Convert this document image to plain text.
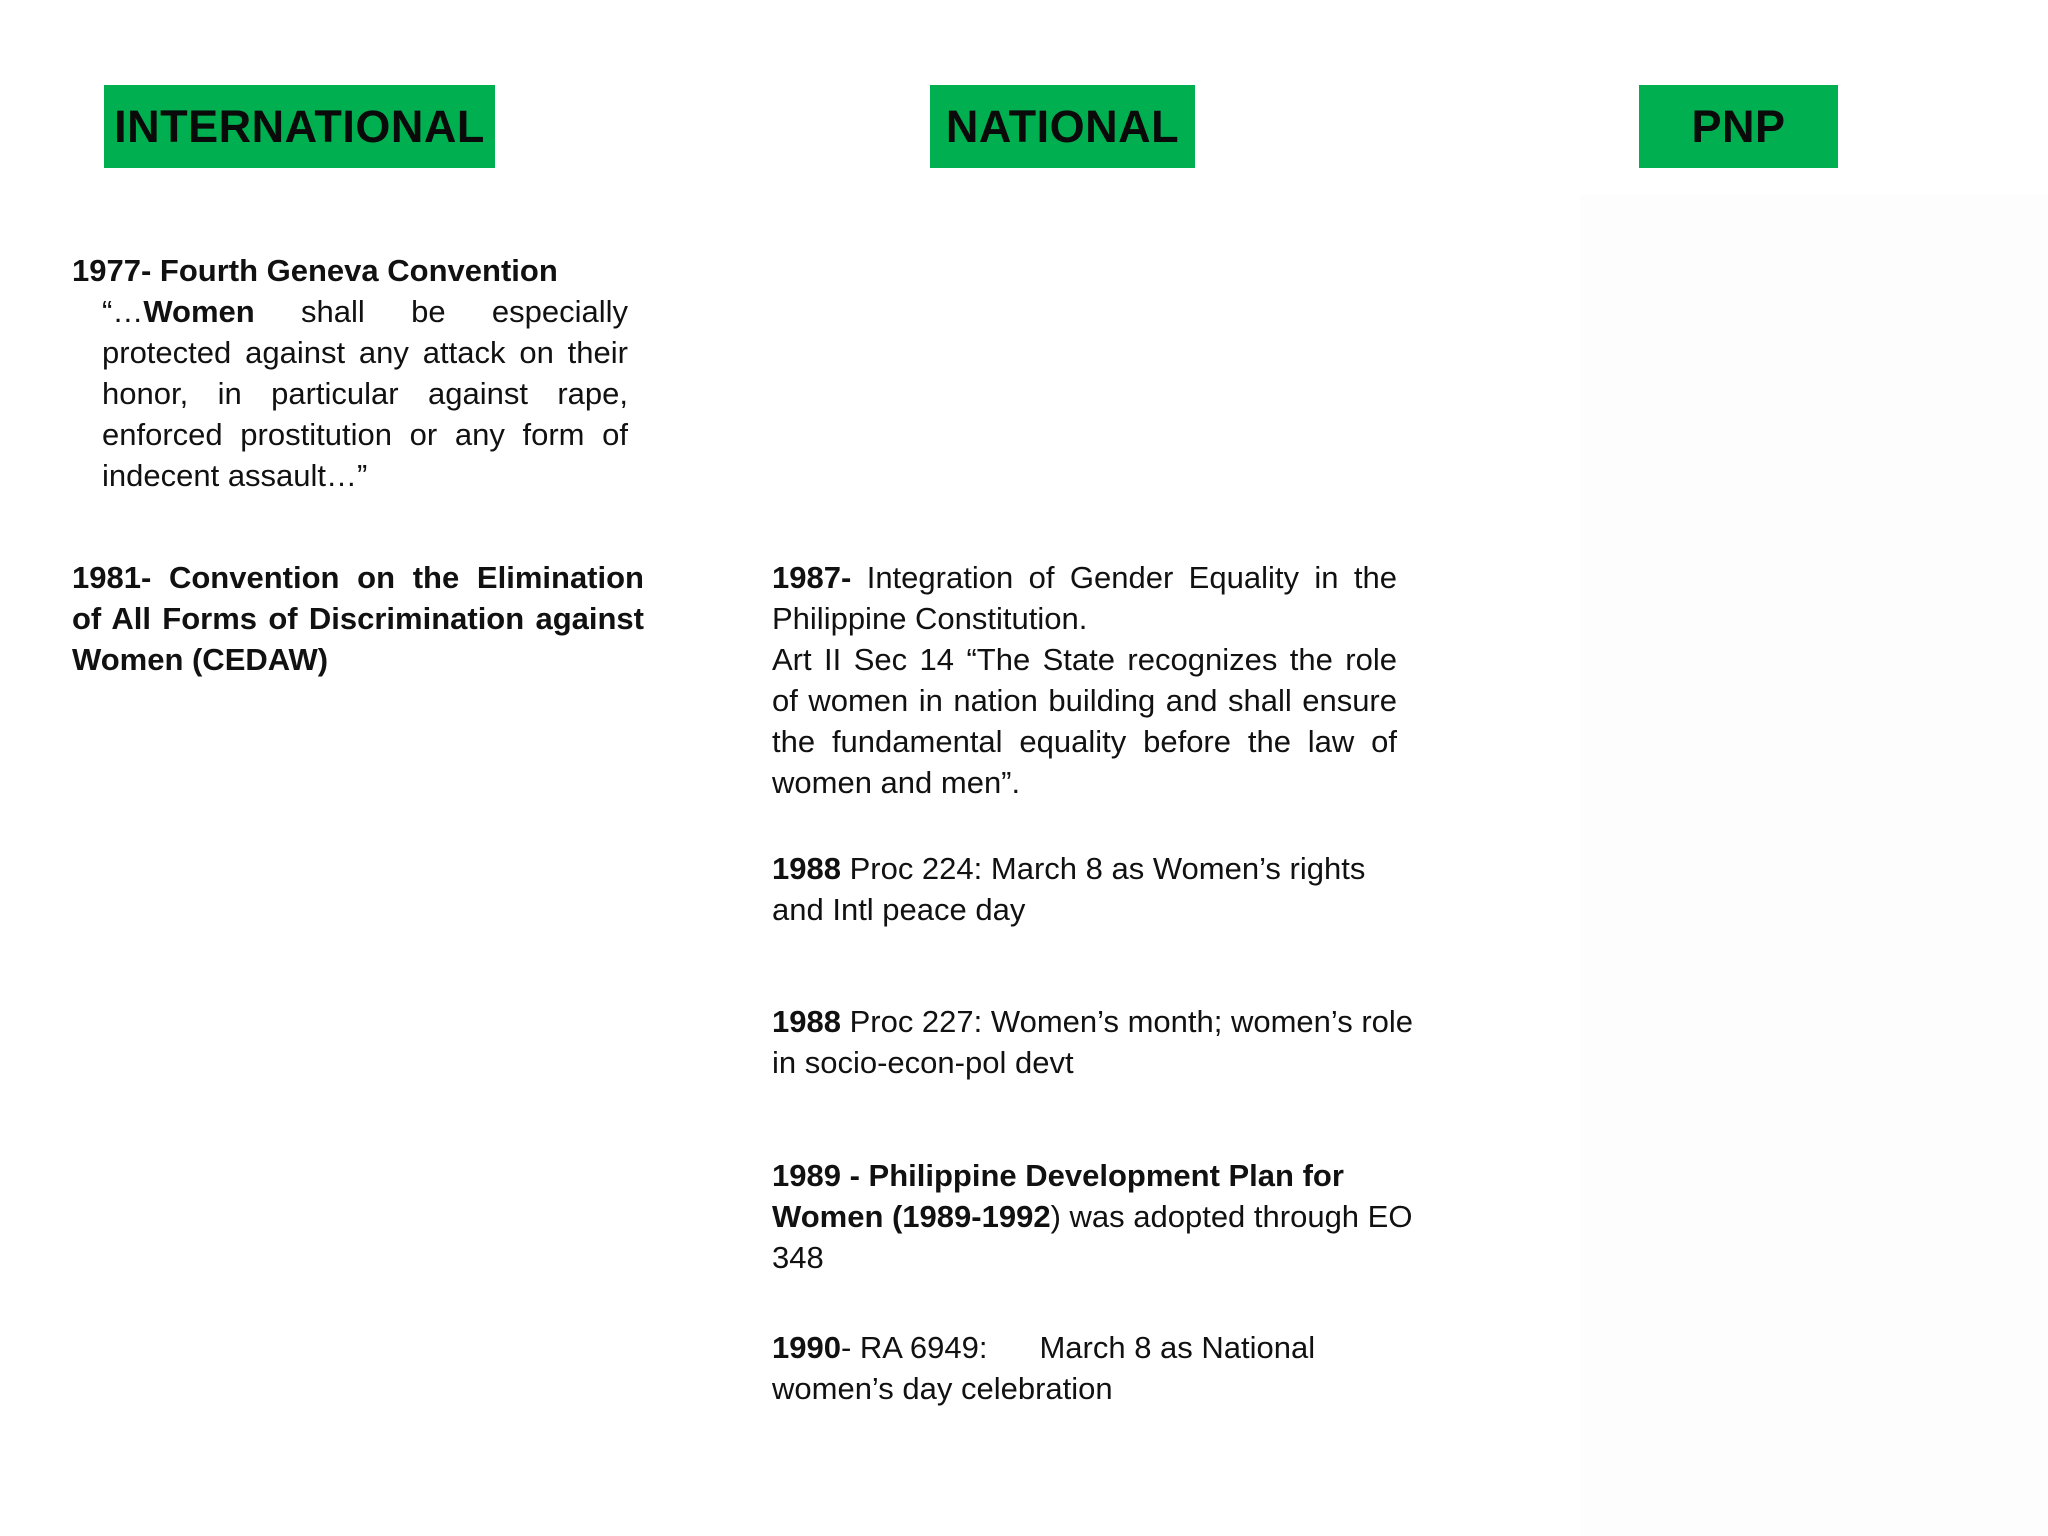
INTERNATIONAL	NATIONAL	PNP
1977- Fourth Geneva Convention
“…Women shall be especially protected against any attack on their honor, in particular against rape, enforced prostitution or any form of indecent assault…”
1981- Convention on the Elimination of All Forms of Discrimination against Women (CEDAW)
1987- Integration of Gender Equality in the Philippine Constitution.
Art II Sec 14 “The State recognizes the role of women in nation building and shall ensure the fundamental equality before the law of women and men”.
1988 Proc 224: March 8 as Women’s rights and Intl peace day
1988 Proc 227: Women’s month; women’s role in socio-econ-pol devt
1989 - Philippine Development Plan for Women (1989-1992) was adopted through EO 348
1990- RA 6949: March 8 as National women’s day celebration
